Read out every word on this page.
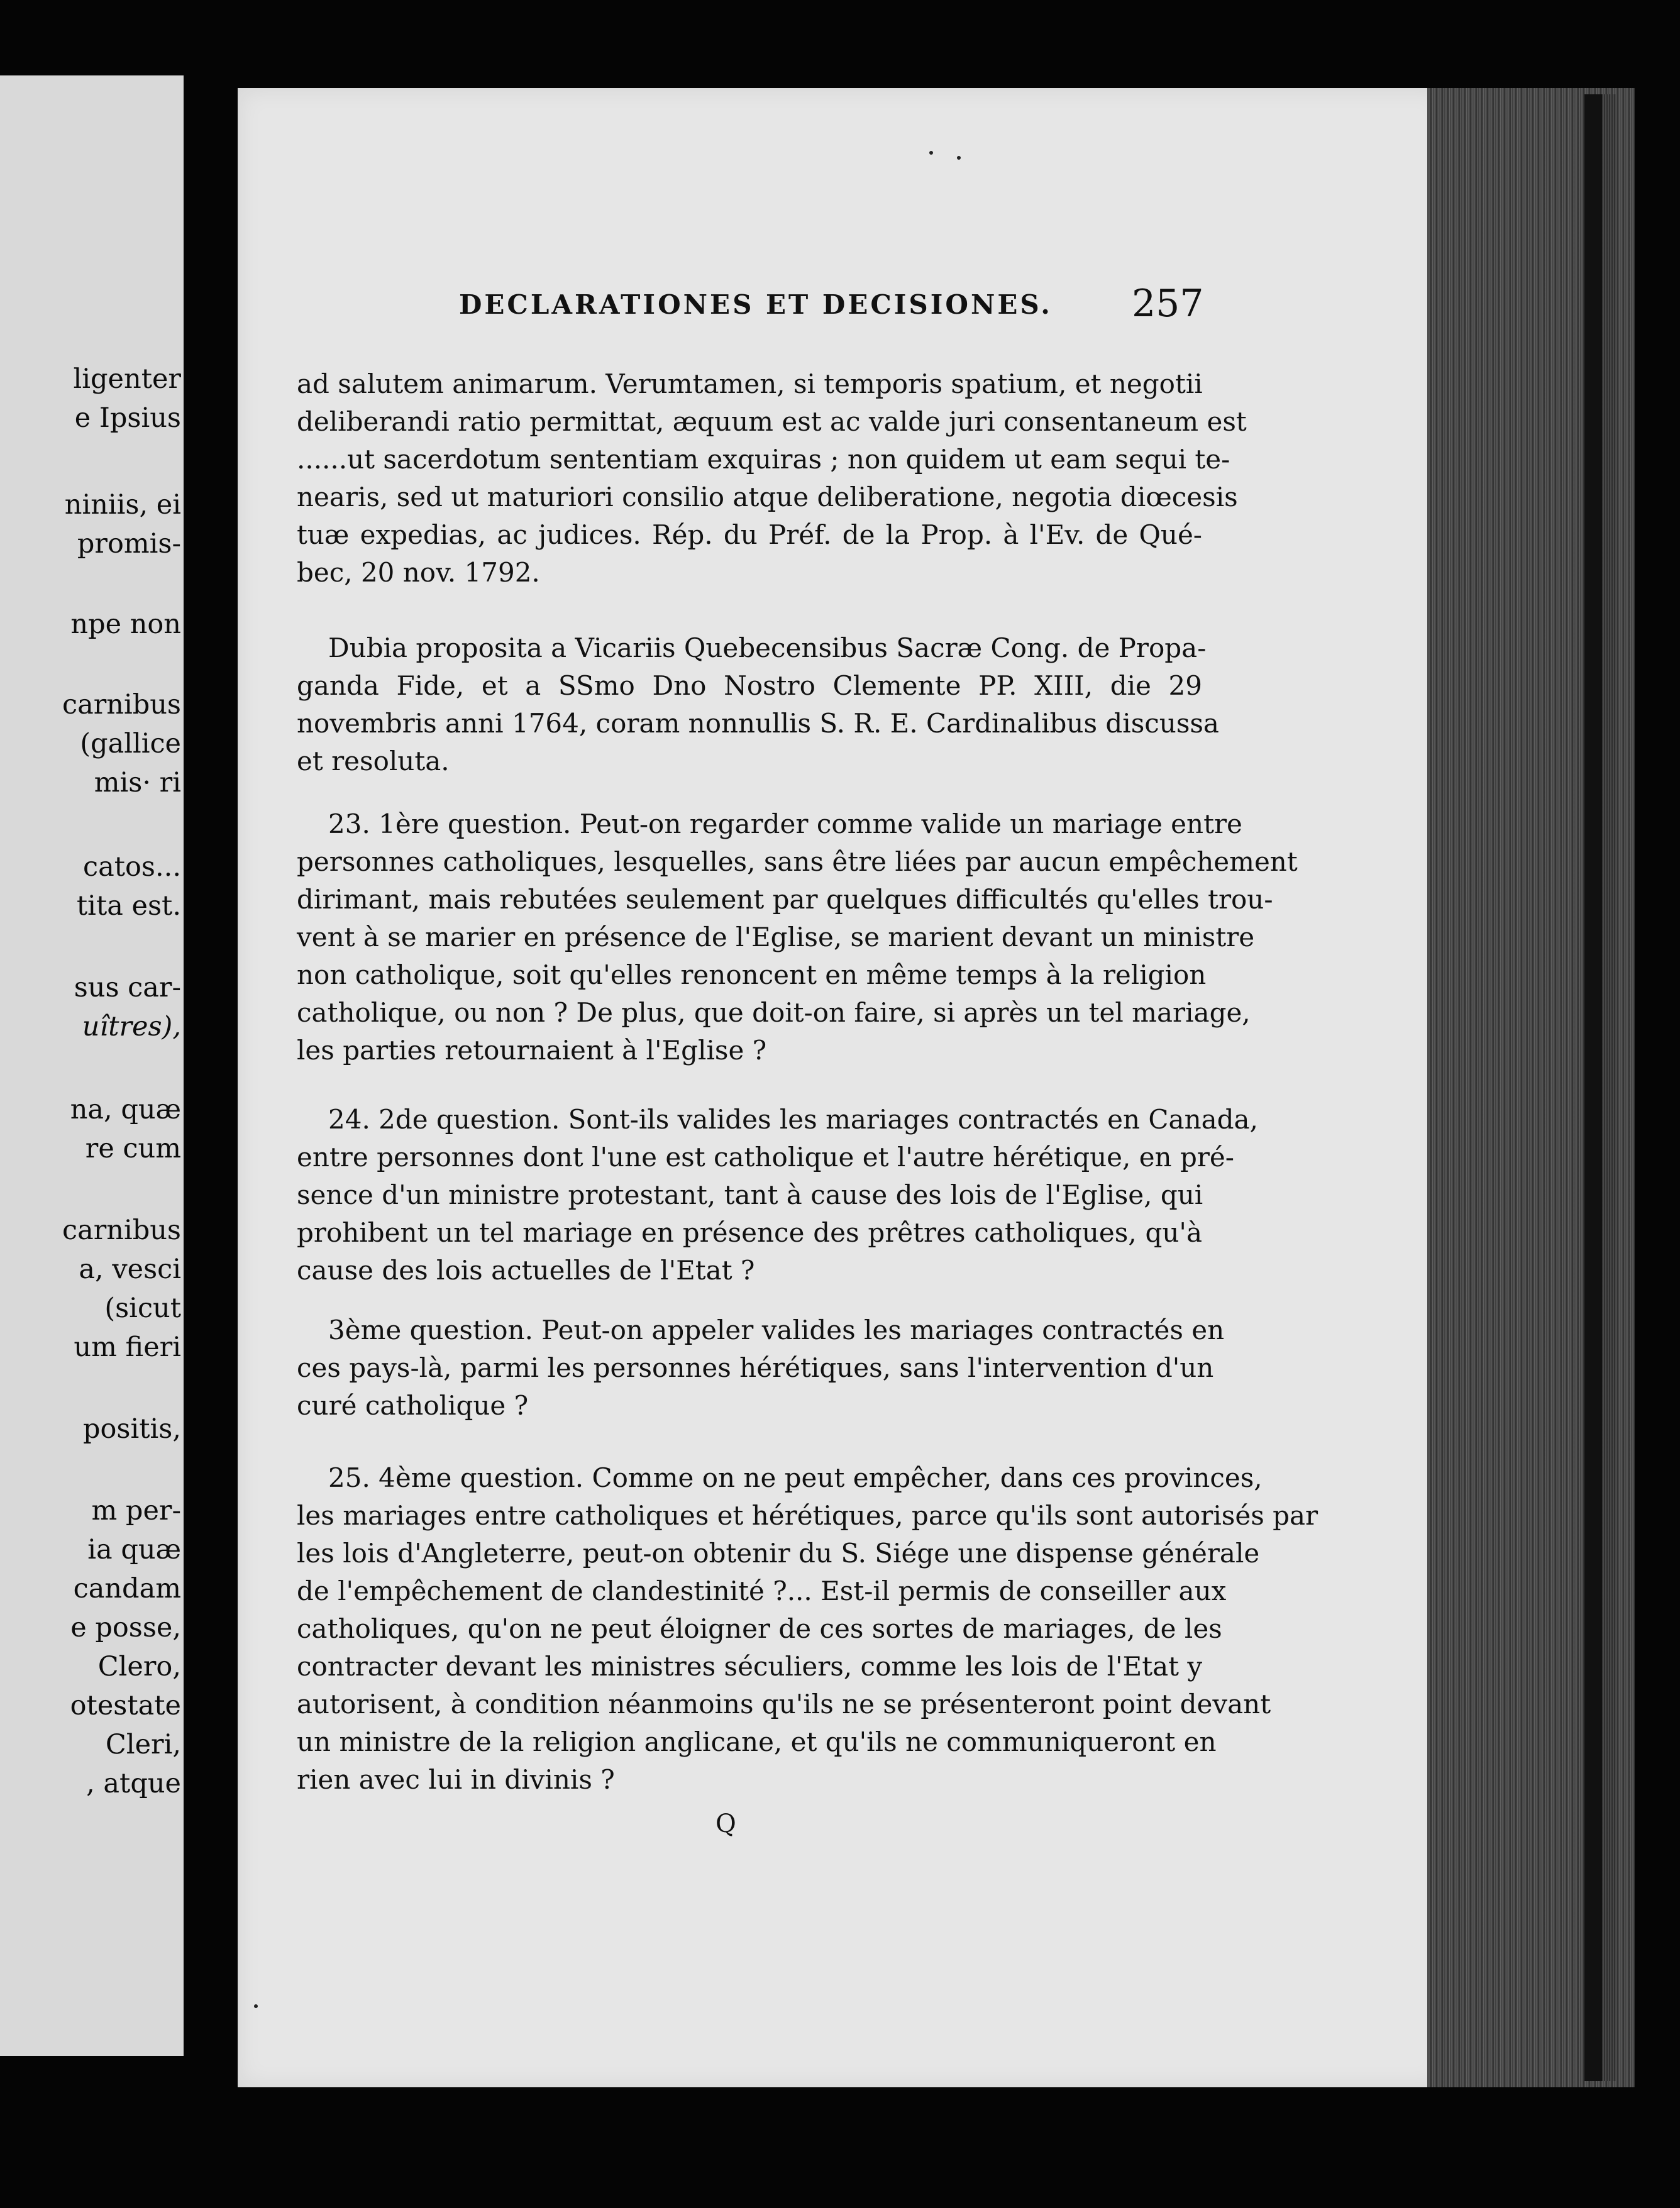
ligenter
e Ipsius
niniis, ei
promis-
npe non
carnibus
(gallice
mis· ri
catos...
tita est.
sus car-
uîtres),
na, quæ
re cum
carnibus
a, vesci
(sicut
um fieri
positis,
m per-
ia quæ
candam
e posse,
Clero,
otestate
Cleri,
, atque
DECLARATIONES ET DECISIONES. 257
ad salutem animarum. Verumtamen, si temporis spatium, et negotii
deliberandi ratio permittat, æquum est ac valde juri consentaneum est
......ut sacerdotum sententiam exquiras ; non quidem ut eam sequi te-
nearis, sed ut maturiori consilio atque deliberatione, negotia diœcesis
tuæ expedias, ac judices. Rép. du Préf. de la Prop. à l'Ev. de Qué-
bec, 20 nov. 1792.
Dubia proposita a Vicariis Quebecensibus Sacræ Cong. de Propa-
ganda Fide, et a SSmo Dno Nostro Clemente PP. XIII, die 29
novembris anni 1764, coram nonnullis S. R. E. Cardinalibus discussa
et resoluta.
23. 1ère question. Peut-on regarder comme valide un mariage entre
personnes catholiques, lesquelles, sans être liées par aucun empêchement
dirimant, mais rebutées seulement par quelques difficultés qu'elles trou-
vent à se marier en présence de l'Eglise, se marient devant un ministre
non catholique, soit qu'elles renoncent en même temps à la religion
catholique, ou non ? De plus, que doit-on faire, si après un tel mariage,
les parties retournaient à l'Eglise ?
24. 2de question. Sont-ils valides les mariages contractés en Canada,
entre personnes dont l'une est catholique et l'autre hérétique, en pré-
sence d'un ministre protestant, tant à cause des lois de l'Eglise, qui
prohibent un tel mariage en présence des prêtres catholiques, qu'à
cause des lois actuelles de l'Etat ?
3ème question. Peut-on appeler valides les mariages contractés en
ces pays-là, parmi les personnes hérétiques, sans l'intervention d'un
curé catholique ?
25. 4ème question. Comme on ne peut empêcher, dans ces provinces,
les mariages entre catholiques et hérétiques, parce qu'ils sont autorisés par
les lois d'Angleterre, peut-on obtenir du S. Siége une dispense générale
de l'empêchement de clandestinité ?... Est-il permis de conseiller aux
catholiques, qu'on ne peut éloigner de ces sortes de mariages, de les
contracter devant les ministres séculiers, comme les lois de l'Etat y
autorisent, à condition néanmoins qu'ils ne se présenteront point devant
un ministre de la religion anglicane, et qu'ils ne communiqueront en
rien avec lui in divinis ?
Q
